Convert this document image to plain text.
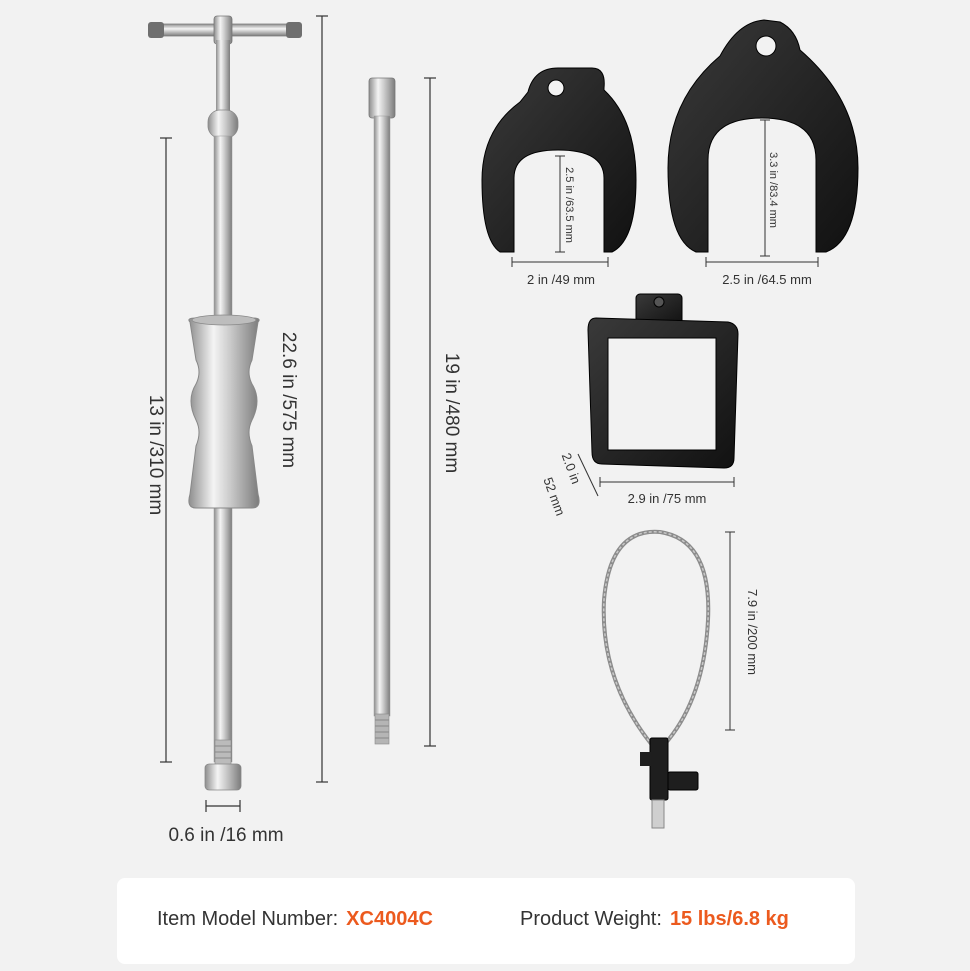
22.6 in /575 mm
13 in /310 mm
0.6 in /16 mm
19 in /480 mm
2.5 in /63.5 mm
2 in /49 mm
3.3 in /83.4 mm
2.5 in /64.5 mm
2.9 in /75 mm
2.0 in
52 mm
7.9 in /200 mm
Item Model Number: XC4004C	Product Weight: 15 lbs/6.8 kg
